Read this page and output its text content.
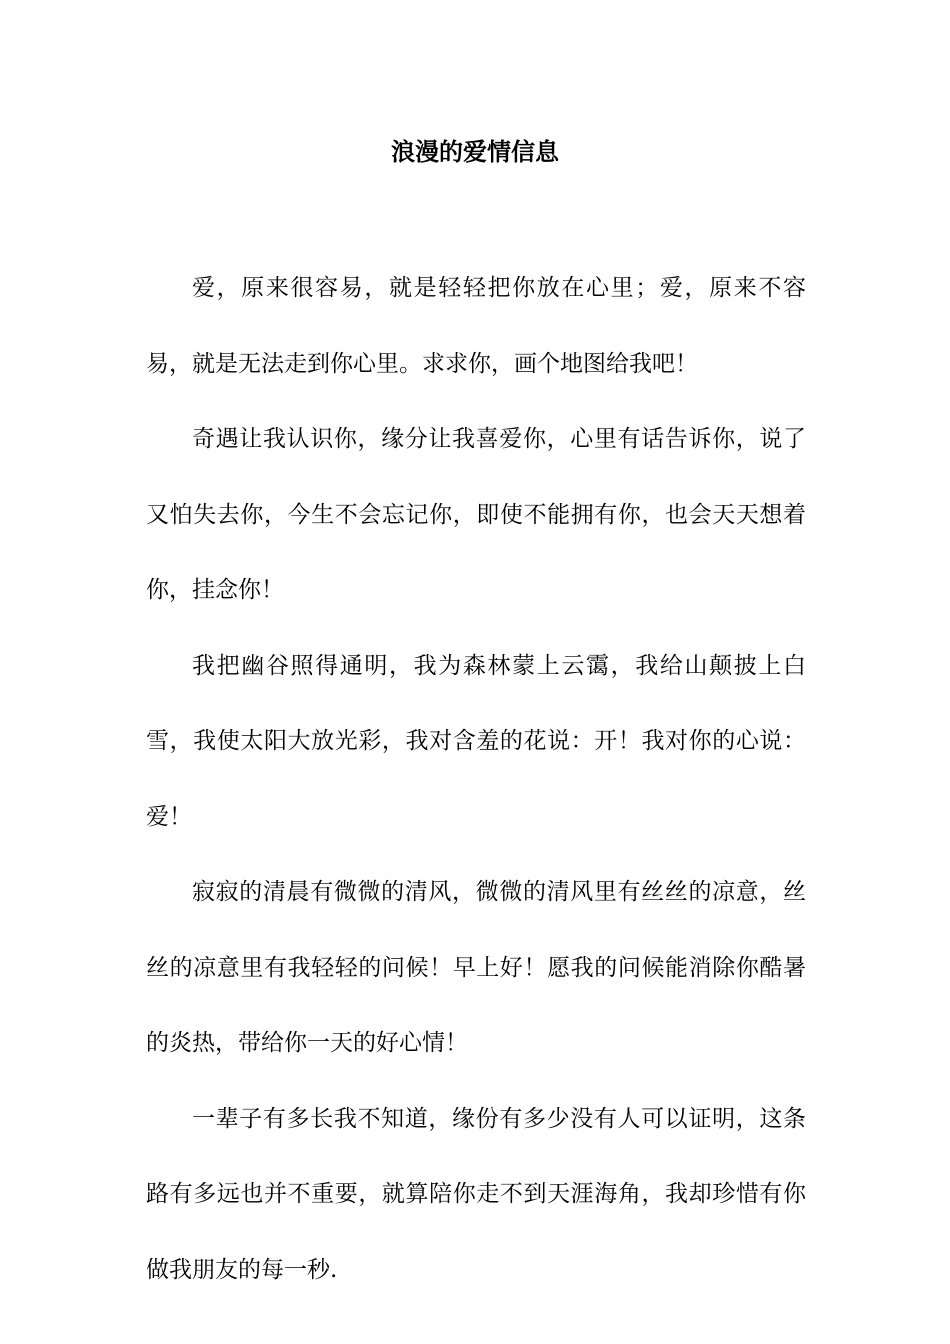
浪漫的爱情信息

爱，原来很容易，就是轻轻把你放在心里；爱，原来不容易，就是无法走到你心里。求求你，画个地图给我吧！

奇遇让我认识你，缘分让我喜爱你，心里有话告诉你，说了又怕失去你，今生不会忘记你，即使不能拥有你，也会天天想着你，挂念你！

我把幽谷照得通明，我为森林蒙上云霭，我给山颠披上白雪，我使太阳大放光彩，我对含羞的花说：开！我对你的心说：爱！

寂寂的清晨有微微的清风，微微的清风里有丝丝的凉意，丝丝的凉意里有我轻轻的问候！早上好！愿我的问候能消除你酷暑的炎热，带给你一天的好心情！

一辈子有多长我不知道，缘份有多少没有人可以证明，这条路有多远也并不重要，就算陪你走不到天涯海角，我却珍惜有你做我朋友的每一秒.
